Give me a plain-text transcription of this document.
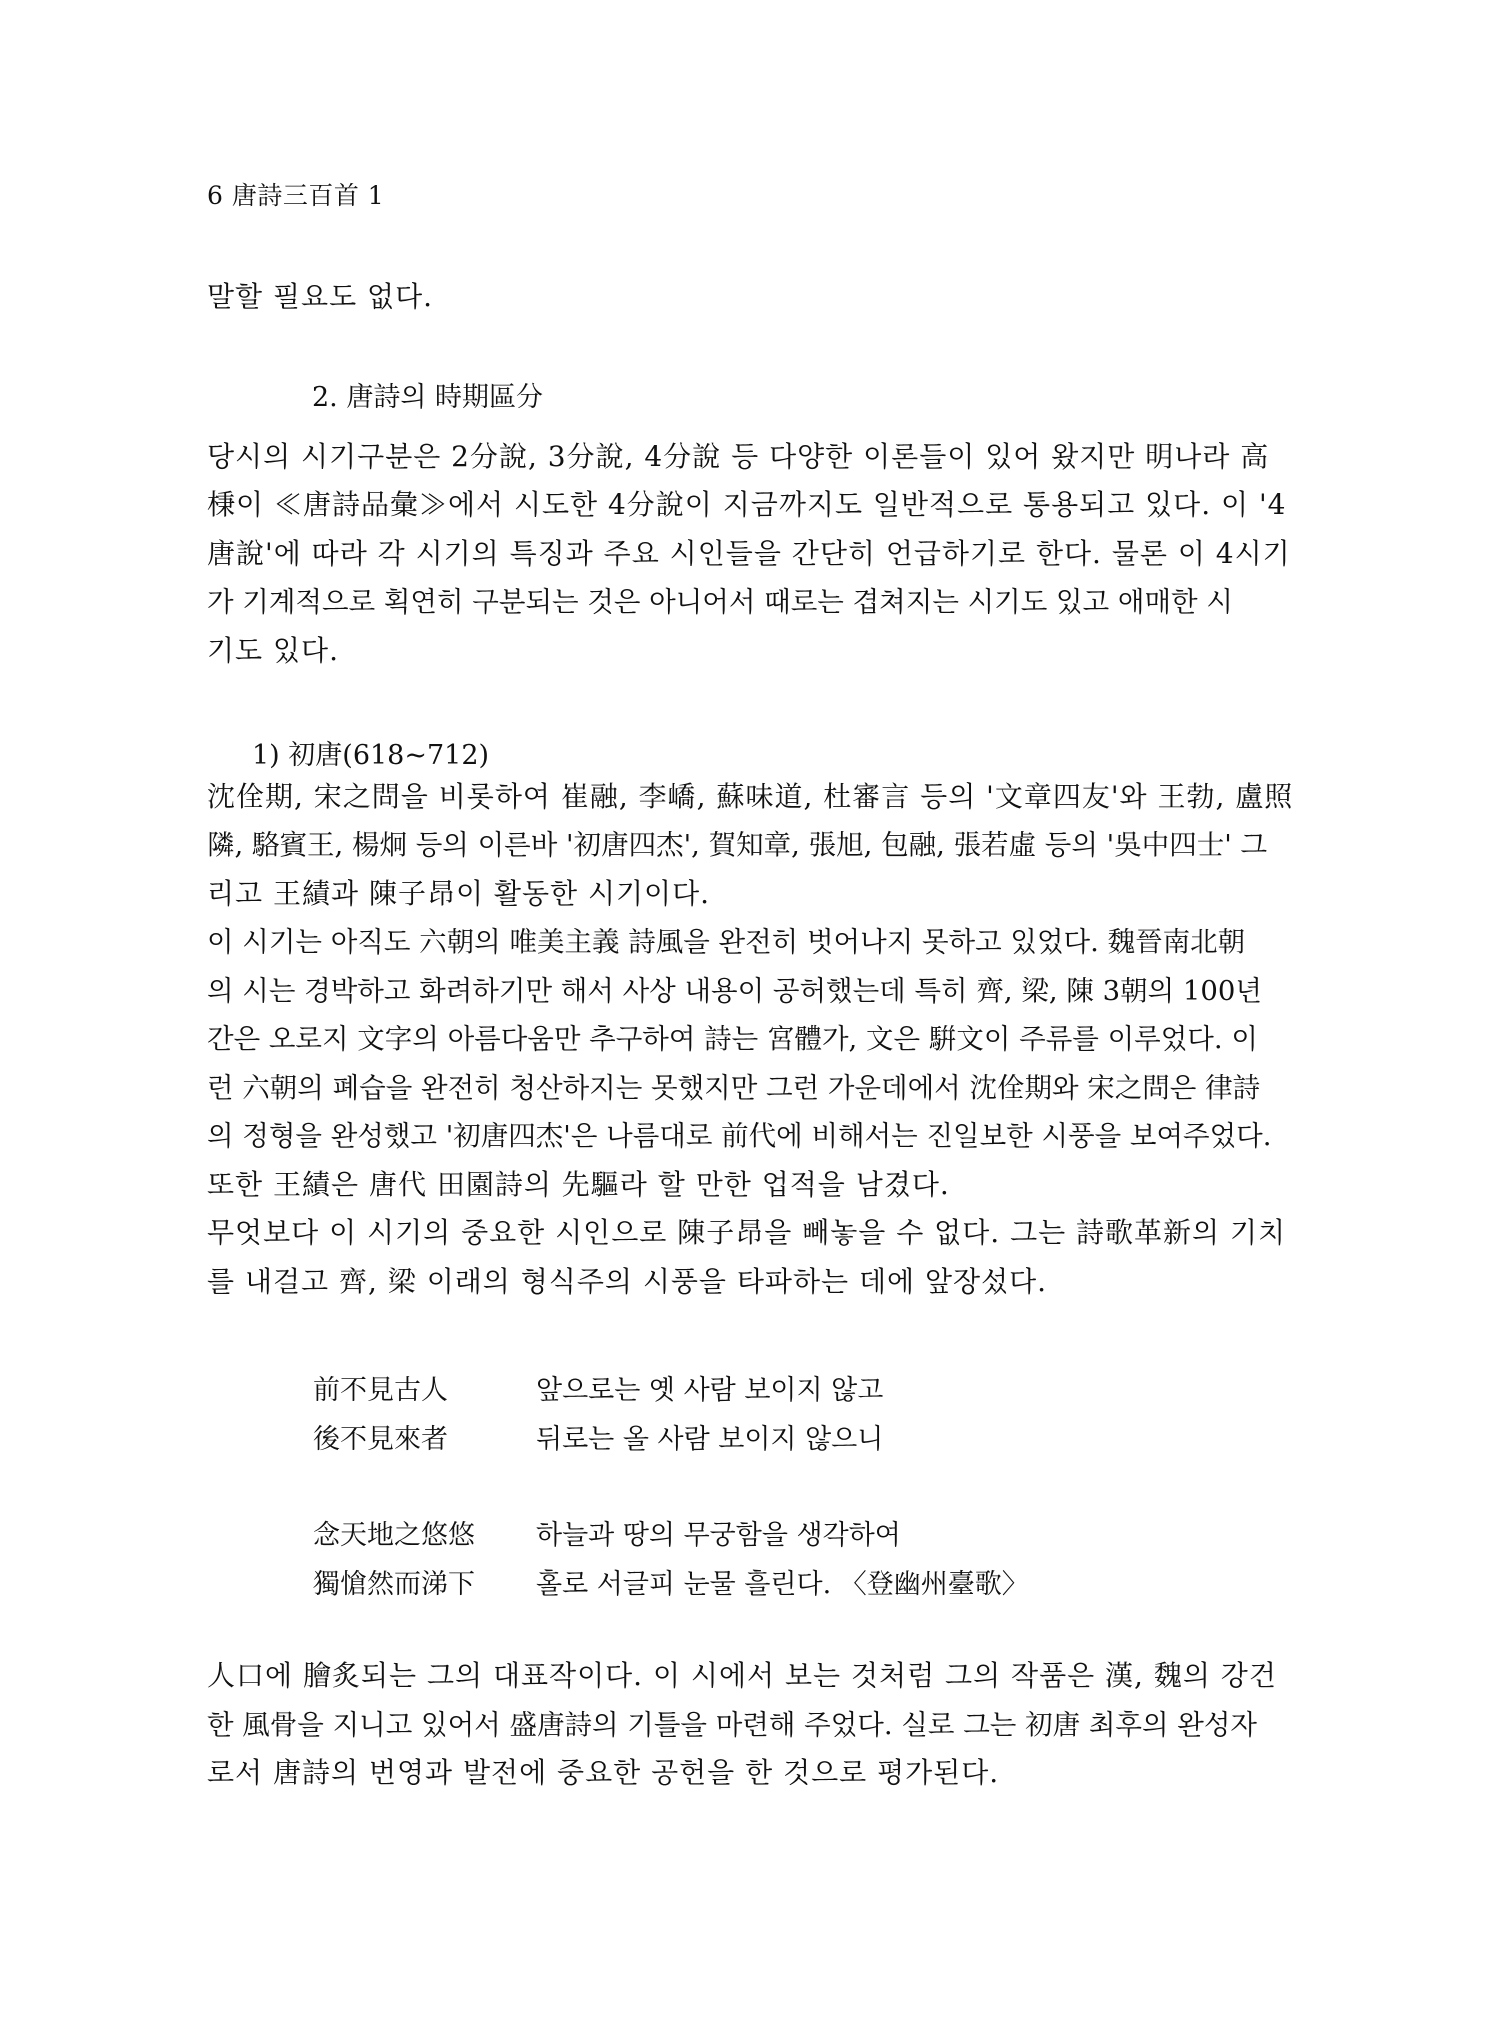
6 唐詩三百首 1
말할 필요도 없다.
2. 唐詩의 時期區分
당시의 시기구분은 2分說, 3分說, 4分說 등 다양한 이론들이 있어 왔지만 明나라 高
棅이 ≪唐詩品彙≫에서 시도한 4分說이 지금까지도 일반적으로 통용되고 있다. 이 '4
唐說'에 따라 각 시기의 특징과 주요 시인들을 간단히 언급하기로 한다. 물론 이 4시기
가 기계적으로 획연히 구분되는 것은 아니어서 때로는 겹쳐지는 시기도 있고 애매한 시
기도 있다.
1) 初唐(618~712)
沈佺期, 宋之問을 비롯하여 崔融, 李嶠, 蘇味道, 杜審言 등의 '文章四友'와 王勃, 盧照
隣, 駱賓王, 楊炯 등의 이른바 '初唐四杰', 賀知章, 張旭, 包融, 張若虛 등의 '吳中四士' 그
리고 王績과 陳子昂이 활동한 시기이다.
이 시기는 아직도 六朝의 唯美主義 詩風을 완전히 벗어나지 못하고 있었다. 魏晉南北朝
의 시는 경박하고 화려하기만 해서 사상 내용이 공허했는데 특히 齊, 梁, 陳 3朝의 100년
간은 오로지 文字의 아름다움만 추구하여 詩는 宮體가, 文은 騈文이 주류를 이루었다. 이
런 六朝의 폐습을 완전히 청산하지는 못했지만 그런 가운데에서 沈佺期와 宋之問은 律詩
의 정형을 완성했고 '初唐四杰'은 나름대로 前代에 비해서는 진일보한 시풍을 보여주었다.
또한 王績은 唐代 田園詩의 先驅라 할 만한 업적을 남겼다.
무엇보다 이 시기의 중요한 시인으로 陳子昂을 빼놓을 수 없다. 그는 詩歌革新의 기치
를 내걸고 齊, 梁 이래의 형식주의 시풍을 타파하는 데에 앞장섰다.
前不見古人	앞으로는 옛 사람 보이지 않고
後不見來者	뒤로는 올 사람 보이지 않으니
念天地之悠悠 하늘과 땅의 무궁함을 생각하여
獨愴然而涕下 홀로 서글피 눈물 흘린다. 〈登幽州臺歌〉
人口에 膾炙되는 그의 대표작이다. 이 시에서 보는 것처럼 그의 작품은 漢, 魏의 강건
한 風骨을 지니고 있어서 盛唐詩의 기틀을 마련해 주었다. 실로 그는 初唐 최후의 완성자
로서 唐詩의 번영과 발전에 중요한 공헌을 한 것으로 평가된다.
